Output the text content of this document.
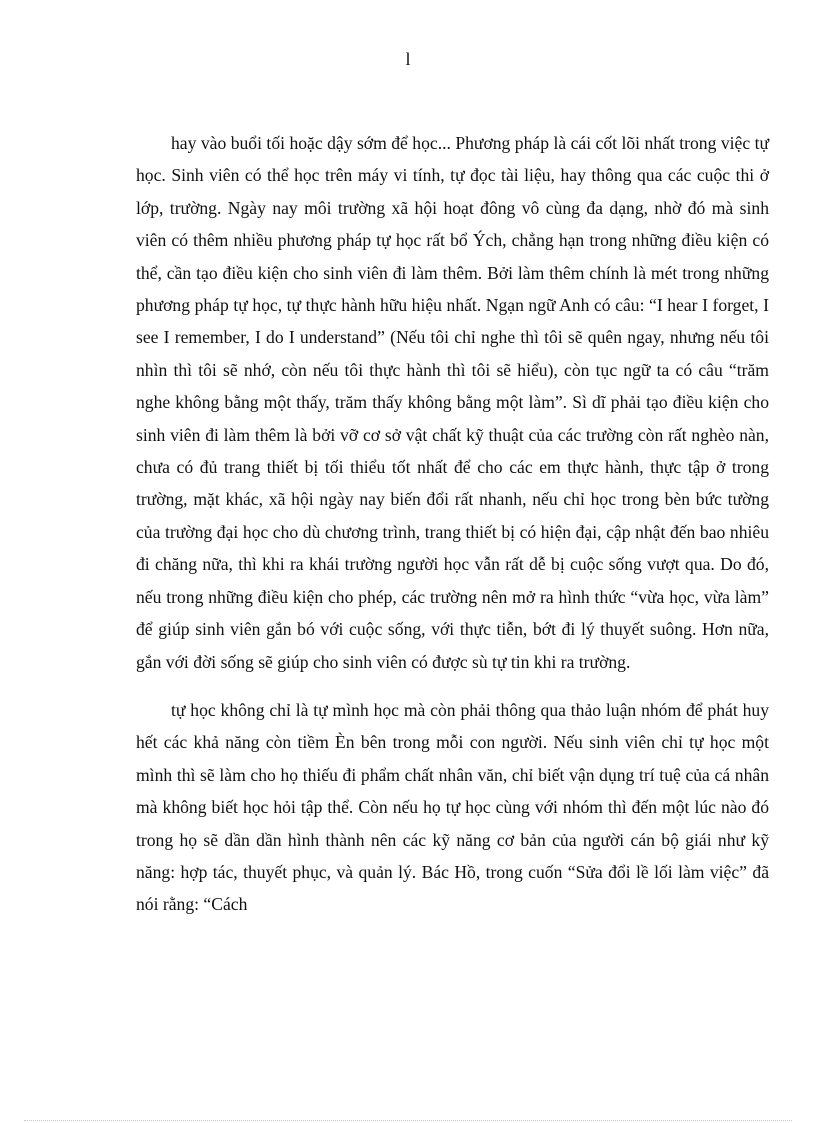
l

hay vào buổi tối hoặc dậy sớm để học... Phương pháp là cái cốt lõi nhất trong việc tự học. Sinh viên có thể học trên máy vi tính, tự đọc tài liệu, hay thông qua các cuộc thi ở lớp, trường. Ngày nay môi trường xã hội hoạt đông vô cùng đa dạng, nhờ đó mà sinh viên có thêm nhiều phương pháp tự học rất bổ Ých, chẳng hạn trong những điều kiện có thể, cần tạo điều kiện cho sinh viên đi làm thêm. Bởi làm thêm chính là mét trong những phương pháp tự học, tự thực hành hữu hiệu nhất. Ngạn ngữ Anh có câu: “I hear I forget, I see I remember, I do I understand” (Nếu tôi chỉ nghe thì tôi sẽ quên ngay, nhưng nếu tôi nhìn thì tôi sẽ nhớ, còn nếu tôi thực hành thì tôi sẽ hiểu), còn tục ngữ ta có câu “trăm nghe không bằng một thấy, trăm thấy không bằng một làm”. Sì dĩ phải tạo điều kiện cho sinh viên đi làm thêm là bởi vỡ cơ sở vật chất kỹ thuật của các trường còn rất nghèo nàn, chưa có đủ trang thiết bị tối thiểu tốt nhất để cho các em thực hành, thực tập ở trong trường, mặt khác, xã hội ngày nay biến đổi rất nhanh, nếu chỉ học trong bèn bức tường của trường đại học cho dù chương trình, trang thiết bị có hiện đại, cập nhật đến bao nhiêu đi chăng nữa, thì khi ra khái trường người học vẫn rất dễ bị cuộc sống vượt qua. Do đó, nếu trong những điều kiện cho phép, các trường nên mở ra hình thức “vừa học, vừa làm” để giúp sinh viên gắn bó với cuộc sống, với thực tiễn, bớt đi lý thuyết suông. Hơn nữa, gắn với đời sống sẽ giúp cho sinh viên có được sù tự tin khi ra trường.

tự học không chỉ là tự mình học mà còn phải thông qua thảo luận nhóm để phát huy hết các khả năng còn tiềm Èn bên trong mỗi con người. Nếu sinh viên chỉ tự học một mình thì sẽ làm cho họ thiếu đi phẩm chất nhân văn, chỉ biết vận dụng trí tuệ của cá nhân mà không biết học hỏi tập thể. Còn nếu họ tự học cùng với nhóm thì đến một lúc nào đó trong họ sẽ dần dần hình thành nên các kỹ năng cơ bản của người cán bộ giái như kỹ năng: hợp tác, thuyết phục, và quản lý. Bác Hồ, trong cuốn “Sửa đổi lề lối làm việc” đã nói rằng: “Cách
